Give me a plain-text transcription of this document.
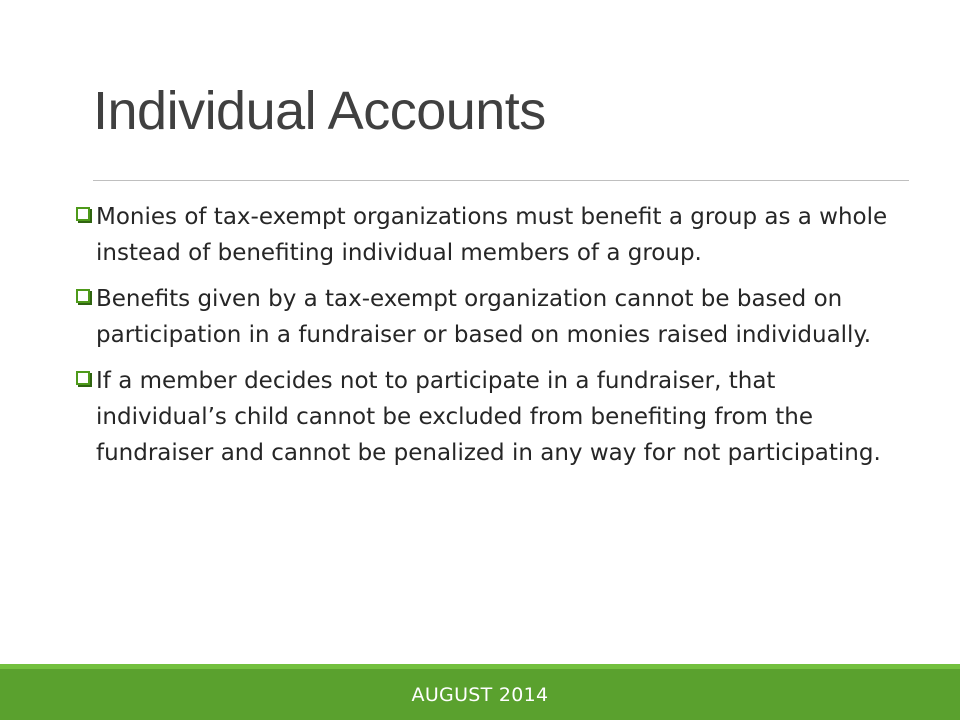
Individual Accounts
Monies of tax-exempt organizations must benefit a group as a whole instead of benefiting individual members of a group.
Benefits given by a tax-exempt organization cannot be based on participation in a fundraiser or based on monies raised individually.
If a member decides not to participate in a fundraiser, that individual’s child cannot be excluded from benefiting from the fundraiser and cannot be penalized in any way for not participating.
AUGUST 2014
